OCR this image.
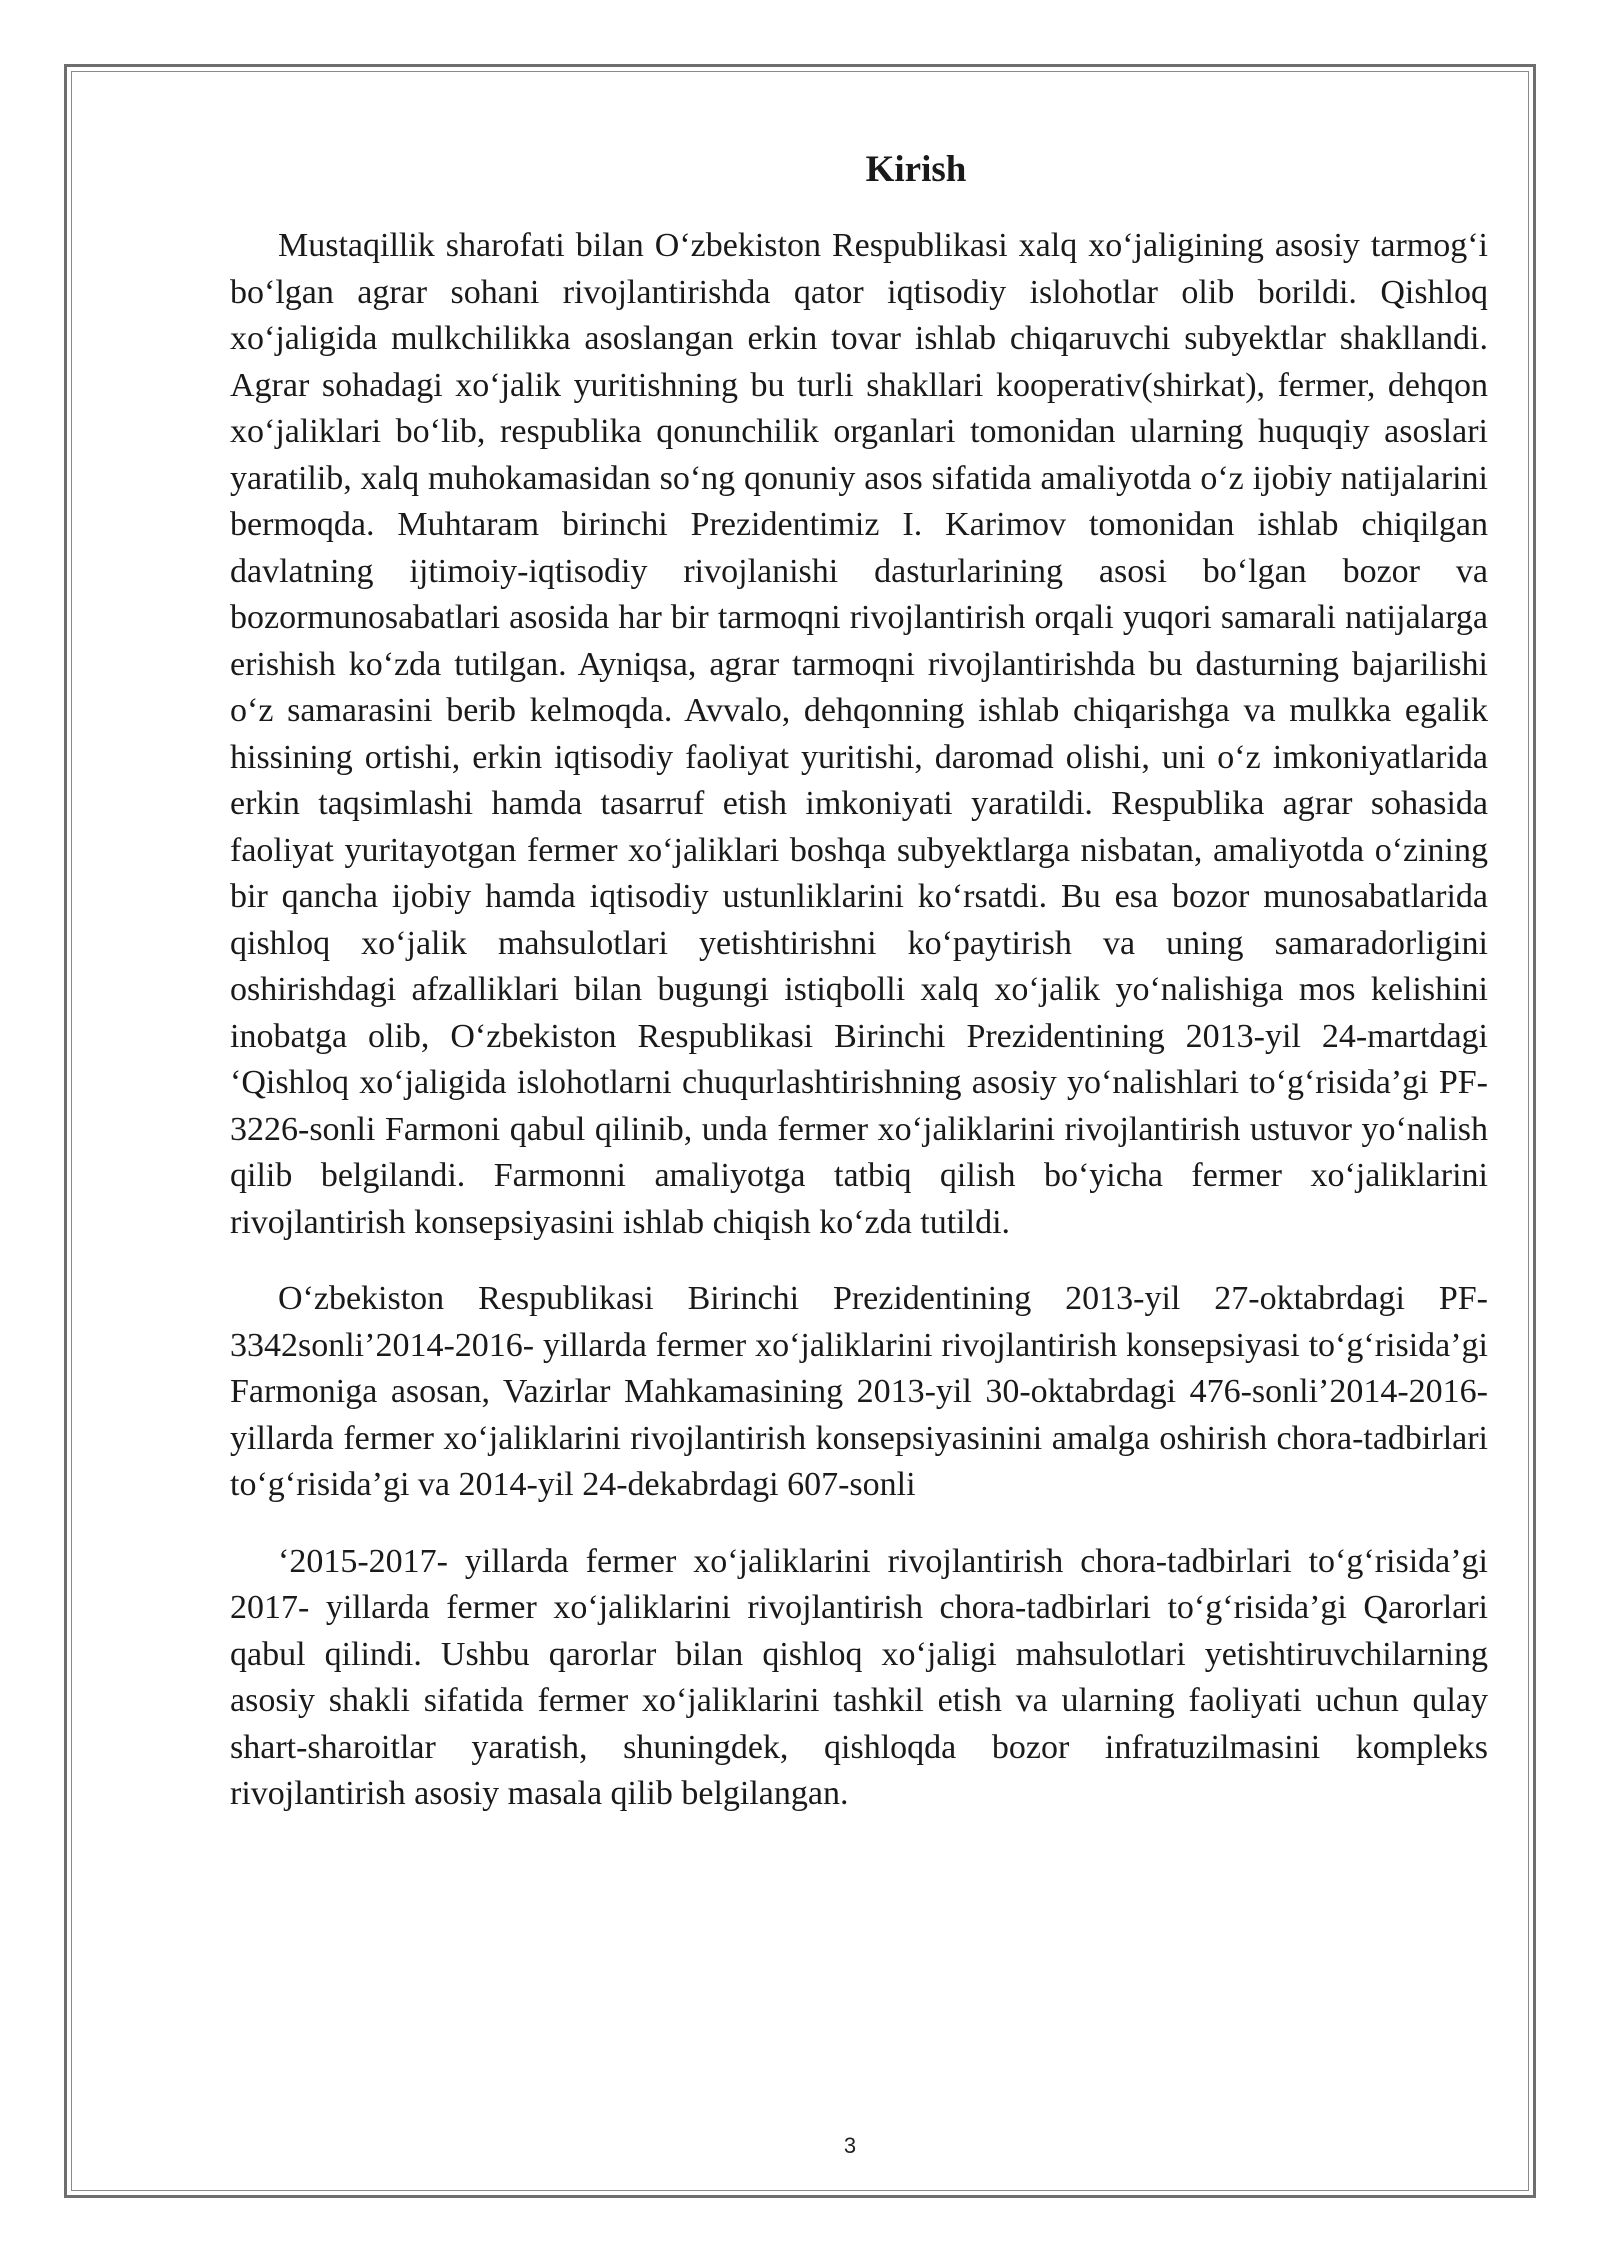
Kirish

Mustaqillik sharofati bilan O‘zbekiston Respublikasi xalq xo‘jaligining asosiy tarmog‘i bo‘lgan agrar sohani rivojlantirishda qator iqtisodiy islohotlar olib borildi. Qishloq xo‘jaligida mulkchilikka asoslangan erkin tovar ishlab chiqaruvchi subyektlar shakllandi. Agrar sohadagi xo‘jalik yuritishning bu turli shakllari kooperativ(shirkat), fermer, dehqon xo‘jaliklari bo‘lib, respublika qonunchilik organlari tomonidan ularning huquqiy asoslari yaratilib, xalq muhokamasidan so‘ng qonuniy asos sifatida amaliyotda o‘z ijobiy natijalarini bermoqda. Muhtaram birinchi Prezidentimiz I. Karimov tomonidan ishlab chiqilgan davlatning ijtimoiy-iqtisodiy rivojlanishi dasturlarining asosi bo‘lgan bozor va bozormunosabatlari asosida har bir tarmoqni rivojlantirish orqali yuqori samarali natijalarga erishish ko‘zda tutilgan. Ayniqsa, agrar tarmoqni rivojlantirishda bu dasturning bajarilishi o‘z samarasini berib kelmoqda. Avvalo, dehqonning ishlab chiqarishga va mulkka egalik hissining ortishi, erkin iqtisodiy faoliyat yuritishi, daromad olishi, uni o‘z imkoniyatlarida erkin taqsimlashi hamda tasarruf etish imkoniyati yaratildi. Respublika agrar sohasida faoliyat yuritayotgan fermer xo‘jaliklari boshqa subyektlarga nisbatan, amaliyotda o‘zining bir qancha ijobiy hamda iqtisodiy ustunliklarini ko‘rsatdi. Bu esa bozor munosabatlarida qishloq xo‘jalik mahsulotlari yetishtirishni ko‘paytirish va uning samaradorligini oshirishdagi afzalliklari bilan bugungi istiqbolli xalq xo‘jalik yo‘nalishiga mos kelishini inobatga olib, O‘zbekiston Respublikasi Birinchi Prezidentining 2013-yil 24-martdagi ‘Qishloq xo‘jaligida islohotlarni chuqurlashtirishning asosiy yo‘nalishlari to‘g‘risida’gi PF-3226-sonli Farmoni qabul qilinib, unda fermer xo‘jaliklarini rivojlantirish ustuvor yo‘nalish qilib belgilandi. Farmonni amaliyotga tatbiq qilish bo‘yicha fermer xo‘jaliklarini rivojlantirish konsepsiyasini ishlab chiqish ko‘zda tutildi.

O‘zbekiston Respublikasi Birinchi Prezidentining 2013-yil 27-oktabrdagi PF-3342sonli’2014-2016- yillarda fermer xo‘jaliklarini rivojlantirish konsepsiyasi to‘g‘risida’gi Farmoniga asosan, Vazirlar Mahkamasining 2013-yil 30-oktabrdagi 476-sonli’2014-2016- yillarda fermer xo‘jaliklarini rivojlantirish konsepsiyasinini amalga oshirish chora-tadbirlari to‘g‘risida’gi va 2014-yil 24-dekabrdagi 607-sonli

‘2015-2017- yillarda fermer xo‘jaliklarini rivojlantirish chora-tadbirlari to‘g‘risida’gi 2017- yillarda fermer xo‘jaliklarini rivojlantirish chora-tadbirlari to‘g‘risida’gi Qarorlari qabul qilindi. Ushbu qarorlar bilan qishloq xo‘jaligi mahsulotlari yetishtiruvchilarning asosiy shakli sifatida fermer xo‘jaliklarini tashkil etish va ularning faoliyati uchun qulay shart-sharoitlar yaratish, shuningdek, qishloqda bozor infratuzilmasini kompleks rivojlantirish asosiy masala qilib belgilangan.

3
